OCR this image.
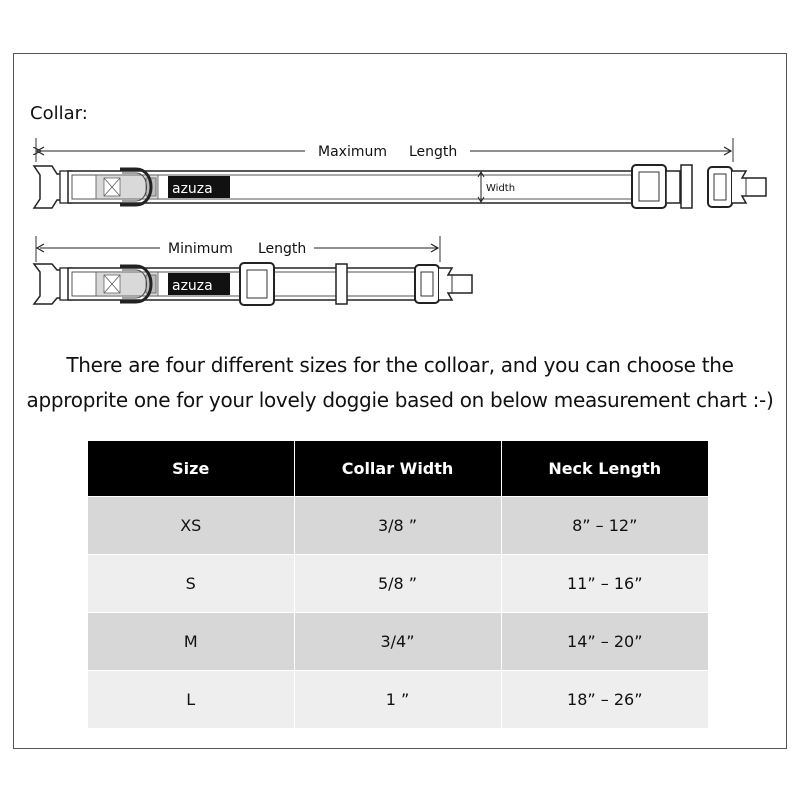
Collar:
Maximum Length
azuza	Width
Minimum Length
azuza
There are four different sizes for the colloar, and you can choose the
approprite one for your lovely doggie based on below measurement chart :-)
Size	Collar Width	Neck Length
XS	3/8 ”	8” – 12”
S	5/8 ”	11” – 16”
M	3/4”	14” – 20”
L	1 ”	18” – 26”
